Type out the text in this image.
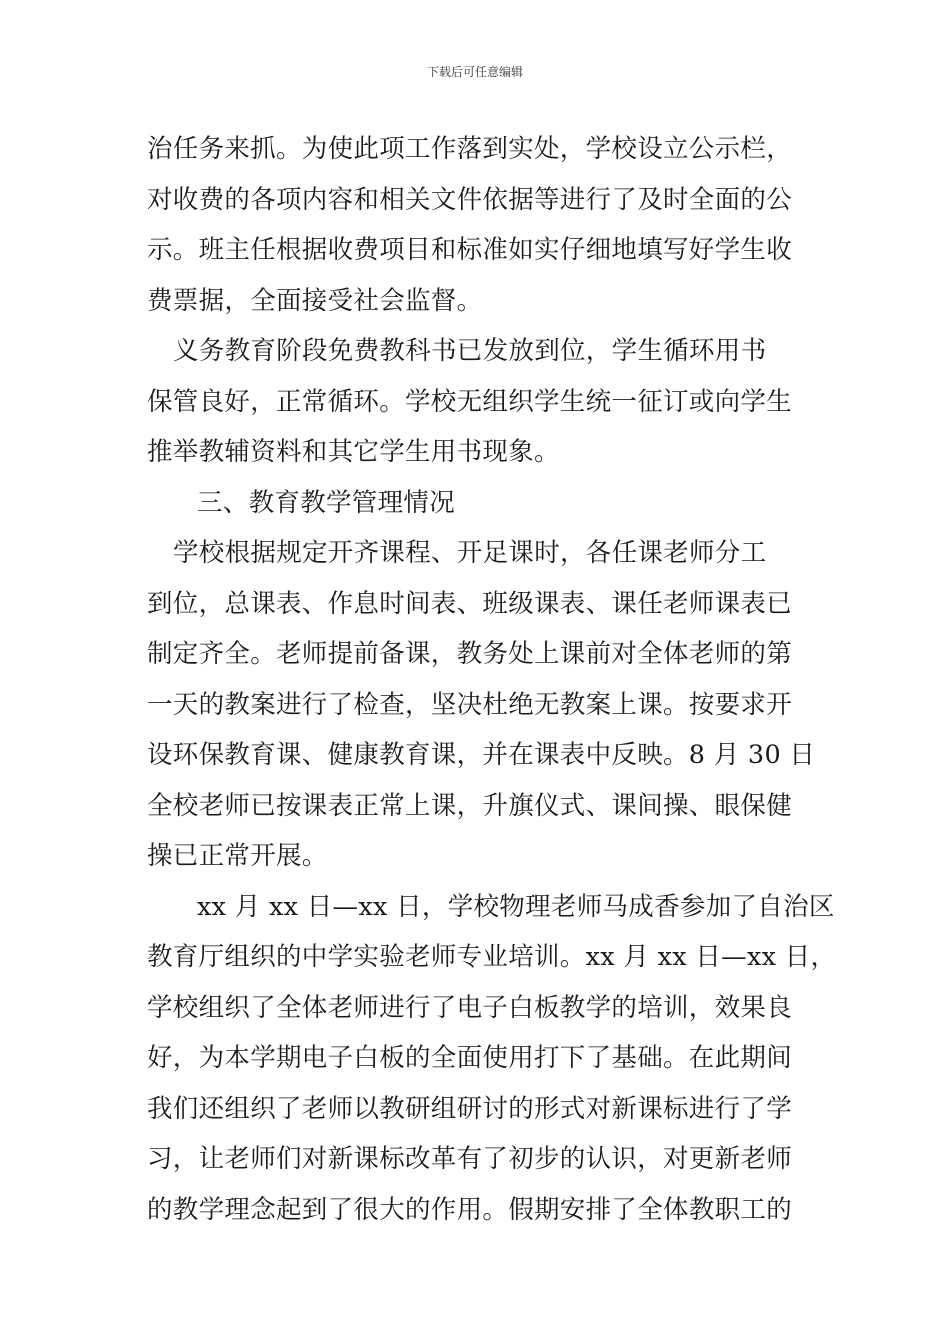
下载后可任意编辑
治任务来抓。为使此项工作落到实处，学校设立公示栏，
对收费的各项内容和相关文件依据等进行了及时全面的公
示。班主任根据收费项目和标准如实仔细地填写好学生收
费票据，全面接受社会监督。
义务教育阶段免费教科书已发放到位，学生循环用书
保管良好，正常循环。学校无组织学生统一征订或向学生
推举教辅资料和其它学生用书现象。
三、教育教学管理情况
学校根据规定开齐课程、开足课时，各任课老师分工
到位，总课表、作息时间表、班级课表、课任老师课表已
制定齐全。老师提前备课，教务处上课前对全体老师的第
一天的教案进行了检查，坚决杜绝无教案上课。按要求开
设环保教育课、健康教育课，并在课表中反映。8 月 30 日
全校老师已按课表正常上课，升旗仪式、课间操、眼保健
操已正常开展。
xx 月 xx 日—xx 日，学校物理老师马成香参加了自治区
教育厅组织的中学实验老师专业培训。xx 月 xx 日—xx 日，
学校组织了全体老师进行了电子白板教学的培训，效果良
好，为本学期电子白板的全面使用打下了基础。在此期间
我们还组织了老师以教研组研讨的形式对新课标进行了学
习，让老师们对新课标改革有了初步的认识，对更新老师
的教学理念起到了很大的作用。假期安排了全体教职工的
